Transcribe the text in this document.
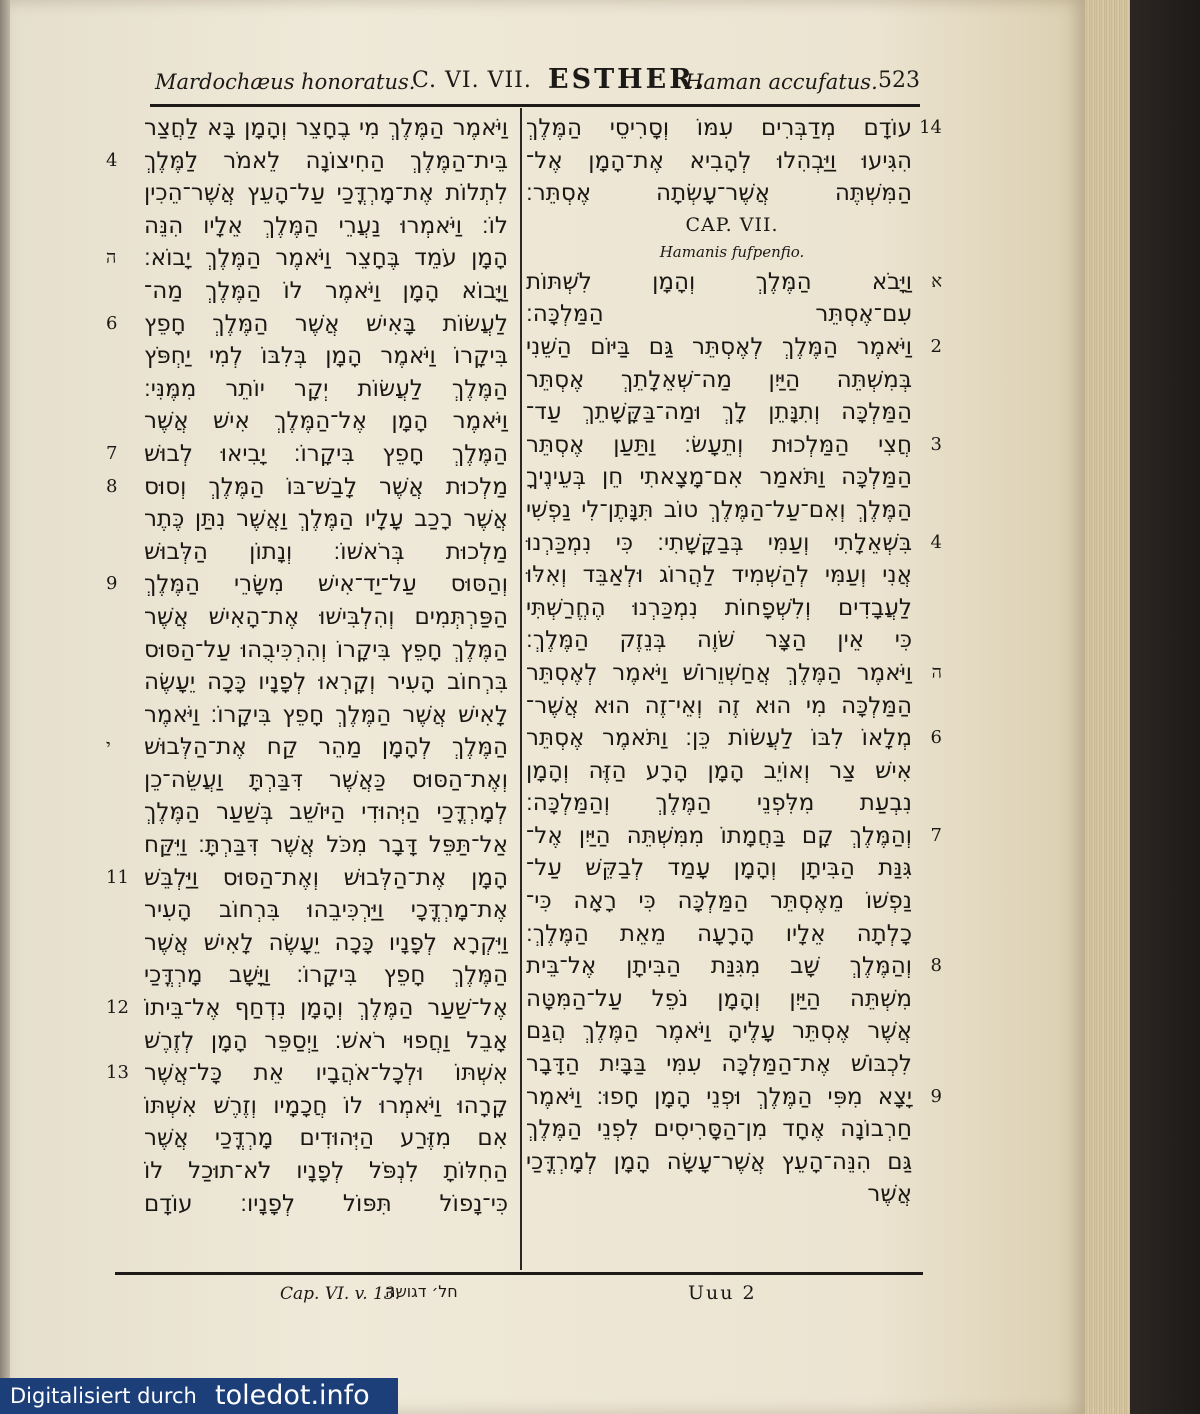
Mardochæus honoratus.
C. VI. VII. ESTHER.
Haman accufatus. 523
וַיֹּאמֶר הַמֶּלֶךְ מִי בֶחָצֵר וְהָמָן בָּא לַחֲצַר
בֵּית־הַמֶּלֶךְ הַחִיצוֹנָה לֵאמֹר לַמֶּלֶךְ
4
לִתְלוֹת אֶת־מָרְדֳּכַי עַל־הָעֵץ אֲשֶׁר־הֵכִין
לוֹ׃ וַיֹּאמְרוּ נַעֲרֵי הַמֶּלֶךְ אֵלָיו הִנֵּה
הָמָן עֹמֵד בֶּחָצֵר וַיֹּאמֶר הַמֶּלֶךְ יָבוֹא׃
ה
וַיָּבוֹא הָמָן וַיֹּאמֶר לוֹ הַמֶּלֶךְ מַה־
לַעֲשׂוֹת בָּאִישׁ אֲשֶׁר הַמֶּלֶךְ חָפֵץ
6
בִּיקָרוֹ וַיֹּאמֶר הָמָן בְּלִבּוֹ לְמִי יַחְפֹּץ
הַמֶּלֶךְ לַעֲשׂוֹת יְקָר יוֹתֵר מִמֶּנִּי׃
וַיֹּאמֶר הָמָן אֶל־הַמֶּלֶךְ אִישׁ אֲשֶׁר
הַמֶּלֶךְ חָפֵץ בִּיקָרוֹ׃ יָבִיאוּ לְבוּשׁ
7
מַלְכוּת אֲשֶׁר לָבַשׁ־בּוֹ הַמֶּלֶךְ וְסוּס
8
אֲשֶׁר רָכַב עָלָיו הַמֶּלֶךְ וַאֲשֶׁר נִתַּן כֶּתֶר
מַלְכוּת בְּרֹאשׁוֹ׃ וְנָתוֹן הַלְּבוּשׁ
וְהַסּוּס עַל־יַד־אִישׁ מִשָּׂרֵי הַמֶּלֶךְ
9
הַפַּרְתְּמִים וְהִלְבִּישׁוּ אֶת־הָאִישׁ אֲשֶׁר
הַמֶּלֶךְ חָפֵץ בִּיקָרוֹ וְהִרְכִּיבֻהוּ עַל־הַסּוּס
בִּרְחוֹב הָעִיר וְקָרְאוּ לְפָנָיו כָּכָה יֵעָשֶׂה
לָאִישׁ אֲשֶׁר הַמֶּלֶךְ חָפֵץ בִּיקָרוֹ׃ וַיֹּאמֶר
הַמֶּלֶךְ לְהָמָן מַהֵר קַח אֶת־הַלְּבוּשׁ
י
וְאֶת־הַסּוּס כַּאֲשֶׁר דִּבַּרְתָּ וַעֲשֵׂה־כֵן
לְמָרְדֳּכַי הַיְּהוּדִי הַיּוֹשֵׁב בְּשַׁעַר הַמֶּלֶךְ
אַל־תַּפֵּל דָּבָר מִכֹּל אֲשֶׁר דִּבַּרְתָּ׃ וַיִּקַּח
הָמָן אֶת־הַלְּבוּשׁ וְאֶת־הַסּוּס וַיַּלְבֵּשׁ
11
אֶת־מָרְדֳּכָי וַיַּרְכִּיבֵהוּ בִּרְחוֹב הָעִיר
וַיִּקְרָא לְפָנָיו כָּכָה יֵעָשֶׂה לָאִישׁ אֲשֶׁר
הַמֶּלֶךְ חָפֵץ בִּיקָרוֹ׃ וַיָּשָׁב מָרְדֳּכַי
אֶל־שַׁעַר הַמֶּלֶךְ וְהָמָן נִדְחַף אֶל־בֵּיתוֹ
12
אָבֵל וַחֲפוּי רֹאשׁ׃ וַיְסַפֵּר הָמָן לְזֶרֶשׁ
אִשְׁתּוֹ וּלְכָל־אֹהֲבָיו אֵת כָּל־אֲשֶׁר
13
קָרָהוּ וַיֹּאמְרוּ לוֹ חֲכָמָיו וְזֶרֶשׁ אִשְׁתּוֹ
אִם מִזֶּרַע הַיְּהוּדִים מָרְדֳּכַי אֲשֶׁר
הַחִלּוֹתָ לִנְפֹּל לְפָנָיו לֹא־תוּכַל לוֹ
כִּי־נָפוֹל תִּפּוֹל לְפָנָיו׃ עוֹדָם
עוֹדָם מְדַבְּרִים עִמּוֹ וְסָרִיסֵי הַמֶּלֶךְ 14
הִגִּיעוּ וַיַּבְהִלוּ לְהָבִיא אֶת־הָמָן אֶל־
הַמִּשְׁתֶּה אֲשֶׁר־עָשְׂתָה אֶסְתֵּר׃
CAP. VII.
Hamanis fufpenfio.
וַיָּבֹא הַמֶּלֶךְ וְהָמָן לִשְׁתּוֹת א
עִם־אֶסְתֵּר הַמַּלְכָּה׃
וַיֹּאמֶר הַמֶּלֶךְ לְאֶסְתֵּר גַּם בַּיּוֹם הַשֵּׁנִי 2
בְּמִשְׁתֵּה הַיַּיִן מַה־שְּׁאֵלָתֵךְ אֶסְתֵּר
הַמַּלְכָּה וְתִנָּתֵן לָךְ וּמַה־בַּקָּשָׁתֵךְ עַד־
חֲצִי הַמַּלְכוּת וְתֵעָשׂ׃ וַתַּעַן אֶסְתֵּר 3
הַמַּלְכָּה וַתֹּאמַר אִם־מָצָאתִי חֵן בְּעֵינֶיךָ
הַמֶּלֶךְ וְאִם־עַל־הַמֶּלֶךְ טוֹב תִּנָּתֶן־לִי נַפְשִׁי
בִּשְׁאֵלָתִי וְעַמִּי בְּבַקָּשָׁתִי׃ כִּי נִמְכַּרְנוּ 4
אֲנִי וְעַמִּי לְהַשְׁמִיד לַהֲרוֹג וּלְאַבֵּד וְאִלּוּ
לַעֲבָדִים וְלִשְׁפָחוֹת נִמְכַּרְנוּ הֶחֱרַשְׁתִּי
כִּי אֵין הַצָּר שֹׁוֶה בְּנֵזֶק הַמֶּלֶךְ׃
וַיֹּאמֶר הַמֶּלֶךְ אֲחַשְׁוֵרוֹשׁ וַיֹּאמֶר לְאֶסְתֵּר ה
הַמַּלְכָּה מִי הוּא זֶה וְאֵי־זֶה הוּא אֲשֶׁר־
מְלָאוֹ לִבּוֹ לַעֲשׂוֹת כֵּן׃ וַתֹּאמֶר אֶסְתֵּר 6
אִישׁ צַר וְאוֹיֵב הָמָן הָרָע הַזֶּה וְהָמָן
נִבְעַת מִלִּפְנֵי הַמֶּלֶךְ וְהַמַּלְכָּה׃
וְהַמֶּלֶךְ קָם בַּחֲמָתוֹ מִמִּשְׁתֵּה הַיַּיִן אֶל־ 7
גִּנַּת הַבִּיתָן וְהָמָן עָמַד לְבַקֵּשׁ עַל־
נַפְשׁוֹ מֵאֶסְתֵּר הַמַּלְכָּה כִּי רָאָה כִּי־
כָלְתָה אֵלָיו הָרָעָה מֵאֵת הַמֶּלֶךְ׃
וְהַמֶּלֶךְ שָׁב מִגִּנַּת הַבִּיתָן אֶל־בֵּית 8
מִשְׁתֵּה הַיַּיִן וְהָמָן נֹפֵל עַל־הַמִּטָּה
אֲשֶׁר אֶסְתֵּר עָלֶיהָ וַיֹּאמֶר הַמֶּלֶךְ הֲגַם
לִכְבּוֹשׁ אֶת־הַמַּלְכָּה עִמִּי בַּבָּיִת הַדָּבָר
יָצָא מִפִּי הַמֶּלֶךְ וּפְנֵי הָמָן חָפוּ׃ וַיֹּאמֶר 9
חַרְבוֹנָה אֶחָד מִן־הַסָּרִיסִים לִפְנֵי הַמֶּלֶךְ
גַּם הִנֵּה־הָעֵץ אֲשֶׁר־עָשָׂה הָמָן לְמָרְדֳּכַי
אֲשֶׁר
Cap. VI. v. 13.
חל׳ דגושה	Uuu 2
Digitalisiert durch toledot.info
